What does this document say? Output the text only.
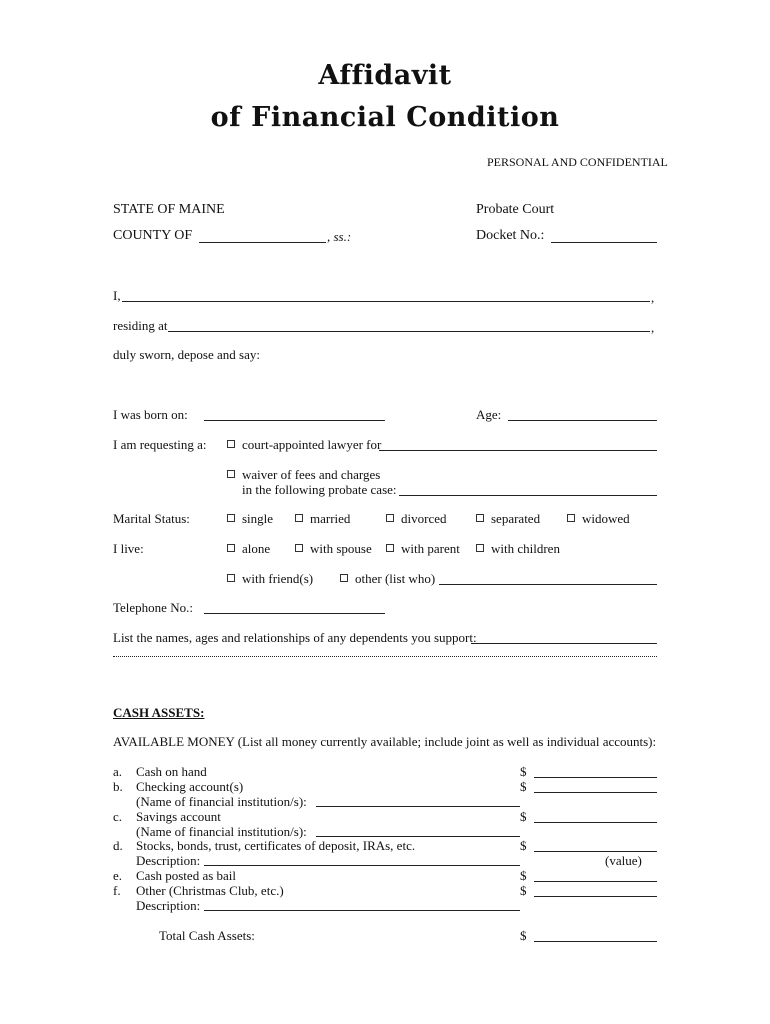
Affidavit
of Financial Condition
PERSONAL AND CONFIDENTIAL
STATE OF MAINE	Probate Court
COUNTY OF	, ss.:	Docket No.:
I,	,
residing at	,
duly sworn, depose and say:
I was born on:	Age:
I am requesting a:	court-appointed lawyer for
waiver of fees and charges
in the following probate case:
Marital Status:	single	married	divorced	separated	widowed
I live:	alone	with spouse	with parent	with children
with friend(s)	other (list who)
Telephone No.:
List the names, ages and relationships of any dependents you support:
CASH ASSETS:
AVAILABLE MONEY (List all money currently available; include joint as well as individual accounts):
a. Cash on hand	$
b. Checking account(s)	$
(Name of financial institution/s):
c. Savings account	$
(Name of financial institution/s):
d. Stocks, bonds, trust, certificates of deposit, IRAs, etc.	$
Description:	(value)
e. Cash posted as bail	$
f. Other (Christmas Club, etc.)	$
Description:
Total Cash Assets:	$
